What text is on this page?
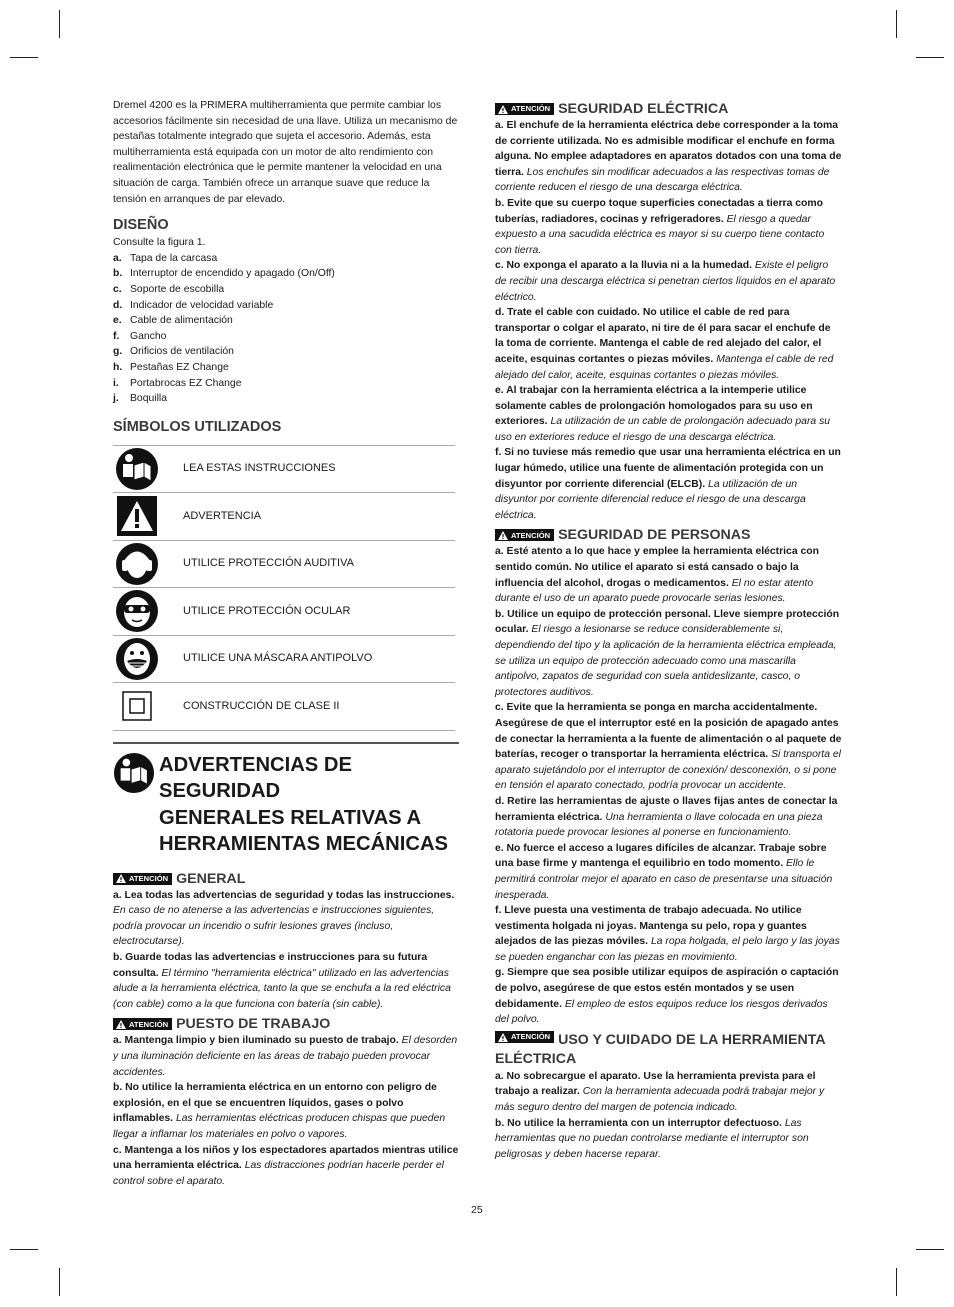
Dremel 4200 es la PRIMERA multiherramienta que permite cambiar los accesorios fácilmente sin necesidad de una llave. Utiliza un mecanismo de pestañas totalmente integrado que sujeta el accesorio. Además, esta multiherramienta está equipada con un motor de alto rendimiento con realimentación electrónica que le permite mantener la velocidad en una situación de carga. También ofrece un arranque suave que reduce la tensión en arranques de par elevado.

DISEÑO

Consulte la figura 1.

a. Tapa de la carcasa
b. Interruptor de encendido y apagado (On/Off)
c. Soporte de escobilla
d. Indicador de velocidad variable
e. Cable de alimentación
f.	Gancho
g. Orificios de ventilación
h. Pestañas EZ Change
i.	Portabrocas EZ Change
j.	Boquilla
SÍMBOLOS UTILIZADOS
	LEA ESTAS INSTRUCCIONES

	ADVERTENCIA

	UTILICE PROTECCIÓN AUDITIVA

	UTILICE PROTECCIÓN OCULAR

	UTILICE UNA MÁSCARA ANTIPOLVO

	CONSTRUCCIÓN DE CLASE II
ADVERTENCIAS DE SEGURIDAD
GENERALES RELATIVAS A
HERRAMIENTAS MECÁNICAS
ATENCIÓN GENERAL

a. Lea todas las advertencias de seguridad y todas las instrucciones. En caso de no atenerse a las advertencias e instrucciones siguientes, podría provocar un incendio o sufrir lesiones graves (incluso, electrocutarse).

b. Guarde todas las advertencias e instrucciones para su futura consulta. El término "herramienta eléctrica" utilizado en las advertencias alude a la herramienta eléctrica, tanto la que se enchufa a la red eléctrica (con cable) como a la que funciona con batería (sin cable).

ATENCIÓN PUESTO DE TRABAJO

a. Mantenga limpio y bien iluminado su puesto de trabajo. El desorden y una iluminación deficiente en las áreas de trabajo pueden provocar accidentes.

b. No utilice la herramienta eléctrica en un entorno con peligro de explosión, en el que se encuentren líquidos, gases o polvo inflamables. Las herramientas eléctricas producen chispas que pueden llegar a inflamar los materiales en polvo o vapores.

c. Mantenga a los niños y los espectadores apartados mientras utilice una herramienta eléctrica. Las distracciones podrían hacerle perder el control sobre el aparato.

ATENCIÓN SEGURIDAD ELÉCTRICA

a. El enchufe de la herramienta eléctrica debe corresponder a la toma de corriente utilizada. No es admisible modificar el enchufe en forma alguna. No emplee adaptadores en aparatos dotados con una toma de tierra. Los enchufes sin modificar adecuados a las respectivas tomas de corriente reducen el riesgo de una descarga eléctrica.

b. Evite que su cuerpo toque superficies conectadas a tierra como tuberías, radiadores, cocinas y refrigeradores. El riesgo a quedar expuesto a una sacudida eléctrica es mayor si su cuerpo tiene contacto con tierra.

c. No exponga el aparato a la lluvia ni a la humedad. Existe el peligro de recibir una descarga eléctrica si penetran ciertos líquidos en el aparato eléctrico.

d. Trate el cable con cuidado. No utilice el cable de red para transportar o colgar el aparato, ni tire de él para sacar el enchufe de la toma de corriente. Mantenga el cable de red alejado del calor, el aceite, esquinas cortantes o piezas móviles. Mantenga el cable de red alejado del calor, aceite, esquinas cortantes o piezas móviles.

e. Al trabajar con la herramienta eléctrica a la intemperie utilice solamente cables de prolongación homologados para su uso en exteriores. La utilización de un cable de prolongación adecuado para su uso en exteriores reduce el riesgo de una descarga eléctrica.

f. Si no tuviese más remedio que usar una herramienta eléctrica en un lugar húmedo, utilice una fuente de alimentación protegida con un disyuntor por corriente diferencial (ELCB). La utilización de un disyuntor por corriente diferencial reduce el riesgo de una descarga eléctrica.

ATENCIÓN SEGURIDAD DE PERSONAS

a. Esté atento a lo que hace y emplee la herramienta eléctrica con sentido común. No utilice el aparato si está cansado o bajo la influencia del alcohol, drogas o medicamentos. El no estar atento durante el uso de un aparato puede provocarle serias lesiones.

b. Utilice un equipo de protección personal. Lleve siempre protección ocular. El riesgo a lesionarse se reduce considerablemente si, dependiendo del tipo y la aplicación de la herramienta eléctrica empleada, se utiliza un equipo de protección adecuado como una mascarilla antipolvo, zapatos de seguridad con suela antideslizante, casco, o protectores auditivos.

c. Evite que la herramienta se ponga en marcha accidentalmente. Asegúrese de que el interruptor esté en la posición de apagado antes de conectar la herramienta a la fuente de alimentación o al paquete de baterías, recoger o transportar la herramienta eléctrica. Si transporta el aparato sujetándolo por el interruptor de conexión/ desconexión, o si pone en tensión el aparato conectado, podría provocar un accidente.

d. Retire las herramientas de ajuste o llaves fijas antes de conectar la herramienta eléctrica. Una herramienta o llave colocada en una pieza rotatoria puede provocar lesiones al ponerse en funcionamiento.

e. No fuerce el acceso a lugares difíciles de alcanzar. Trabaje sobre una base firme y mantenga el equilibrio en todo momento. Ello le permitirá controlar mejor el aparato en caso de presentarse una situación inesperada.

f. Lleve puesta una vestimenta de trabajo adecuada. No utilice vestimenta holgada ni joyas. Mantenga su pelo, ropa y guantes alejados de las piezas móviles. La ropa holgada, el pelo largo y las joyas se pueden enganchar con las piezas en movimiento.

g. Siempre que sea posible utilizar equipos de aspiración o captación de polvo, asegúrese de que estos estén montados y se usen debidamente. El empleo de estos equipos reduce los riesgos derivados del polvo.

ATENCIÓN USO Y CUIDADO DE LA HERRAMIENTA ELÉCTRICA

a. No sobrecargue el aparato. Use la herramienta prevista para el trabajo a realizar. Con la herramienta adecuada podrá trabajar mejor y más seguro dentro del margen de potencia indicado.

b. No utilice la herramienta con un interruptor defectuoso. Las herramientas que no puedan controlarse mediante el interruptor son peligrosas y deben hacerse reparar.

25
